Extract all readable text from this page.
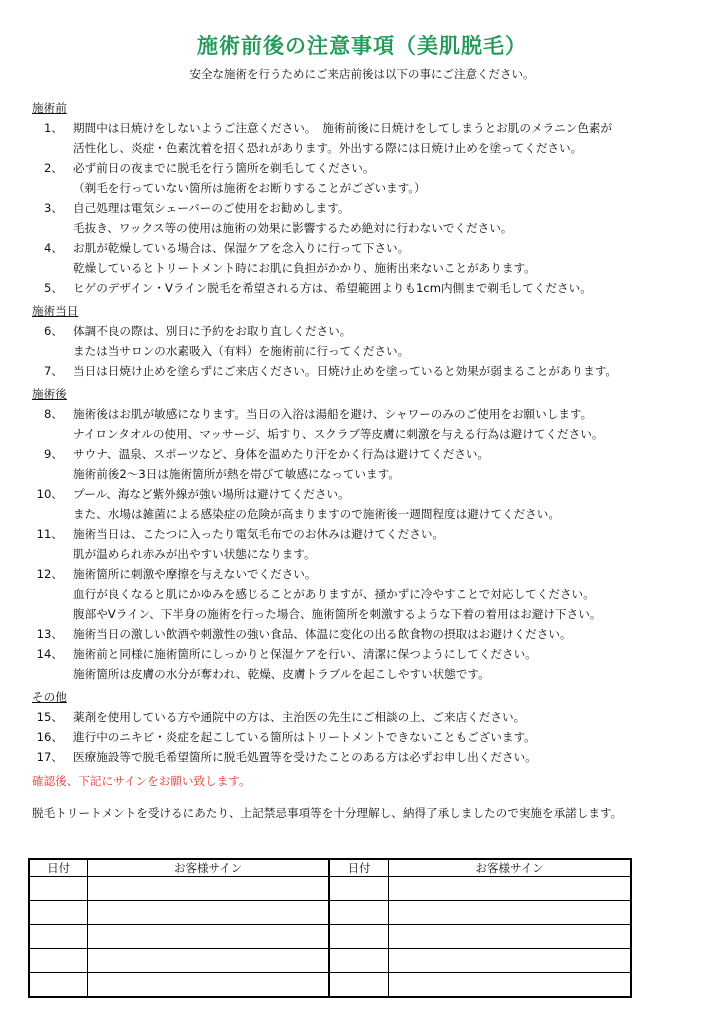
施術前後の注意事項（美肌脱毛）
安全な施術を行うためにご来店前後は以下の事にご注意ください。
施術前
1、 期間中は日焼けをしないようご注意ください。　施術前後に日焼けをしてしまうとお肌のメラニン色素が
活性化し、炎症・色素沈着を招く恐れがあります。外出する際には日焼け止めを塗ってください。
2、 必ず前日の夜までに脱毛を行う箇所を剃毛してください。
（剃毛を行っていない箇所は施術をお断りすることがございます。）
3、 自己処理は電気シェーバーのご使用をお勧めします。
毛抜き、ワックス等の使用は施術の効果に影響するため絶対に行わないでください。
4、 お肌が乾燥している場合は、保湿ケアを念入りに行って下さい。
乾燥しているとトリートメント時にお肌に負担がかかり、施術出来ないことがあります。
5、 ヒゲのデザイン・Vライン脱毛を希望される方は、希望範囲よりも1cm内側まで剃毛してください。
施術当日
6、 体調不良の際は、別日に予約をお取り直しください。
または当サロンの水素吸入（有料）を施術前に行ってください。
7、 当日は日焼け止めを塗らずにご来店ください。日焼け止めを塗っていると効果が弱まることがあります。
施術後
8、 施術後はお肌が敏感になります。当日の入浴は湯船を避け、シャワーのみのご使用をお願いします。
ナイロンタオルの使用、マッサージ、垢すり、スクラブ等皮膚に刺激を与える行為は避けてください。
9、 サウナ、温泉、スポーツなど、身体を温めたり汗をかく行為は避けてください。
施術前後2〜3日は施術箇所が熱を帯びて敏感になっています。
10、 プール、海など紫外線が強い場所は避けてください。
また、水場は雑菌による感染症の危険が高まりますので施術後一週間程度は避けてください。
11、 施術当日は、こたつに入ったり電気毛布でのお休みは避けてください。
肌が温められ赤みが出やすい状態になります。
12、 施術箇所に刺激や摩擦を与えないでください。
血行が良くなると肌にかゆみを感じることがありますが、掻かずに冷やすことで対応してください。
腹部やVライン、下半身の施術を行った場合、施術箇所を刺激するような下着の着用はお避け下さい。
13、 施術当日の激しい飲酒や刺激性の強い食品、体温に変化の出る飲食物の摂取はお避けください。
14、 施術前と同様に施術箇所にしっかりと保湿ケアを行い、清潔に保つようにしてください。
施術箇所は皮膚の水分が奪われ、乾燥、皮膚トラブルを起こしやすい状態です。
その他
15、 薬剤を使用している方や通院中の方は、主治医の先生にご相談の上、ご来店ください。
16、 進行中のニキビ・炎症を起こしている箇所はトリートメントできないこともございます。
17、 医療施設等で脱毛希望箇所に脱毛処置等を受けたことのある方は必ずお申し出ください。
確認後、下記にサインをお願い致します。
脱毛トリートメントを受けるにあたり、上記禁忌事項等を十分理解し、納得了承しましたので実施を承諾します。
日付	お客様サイン	日付	お客様サイン
